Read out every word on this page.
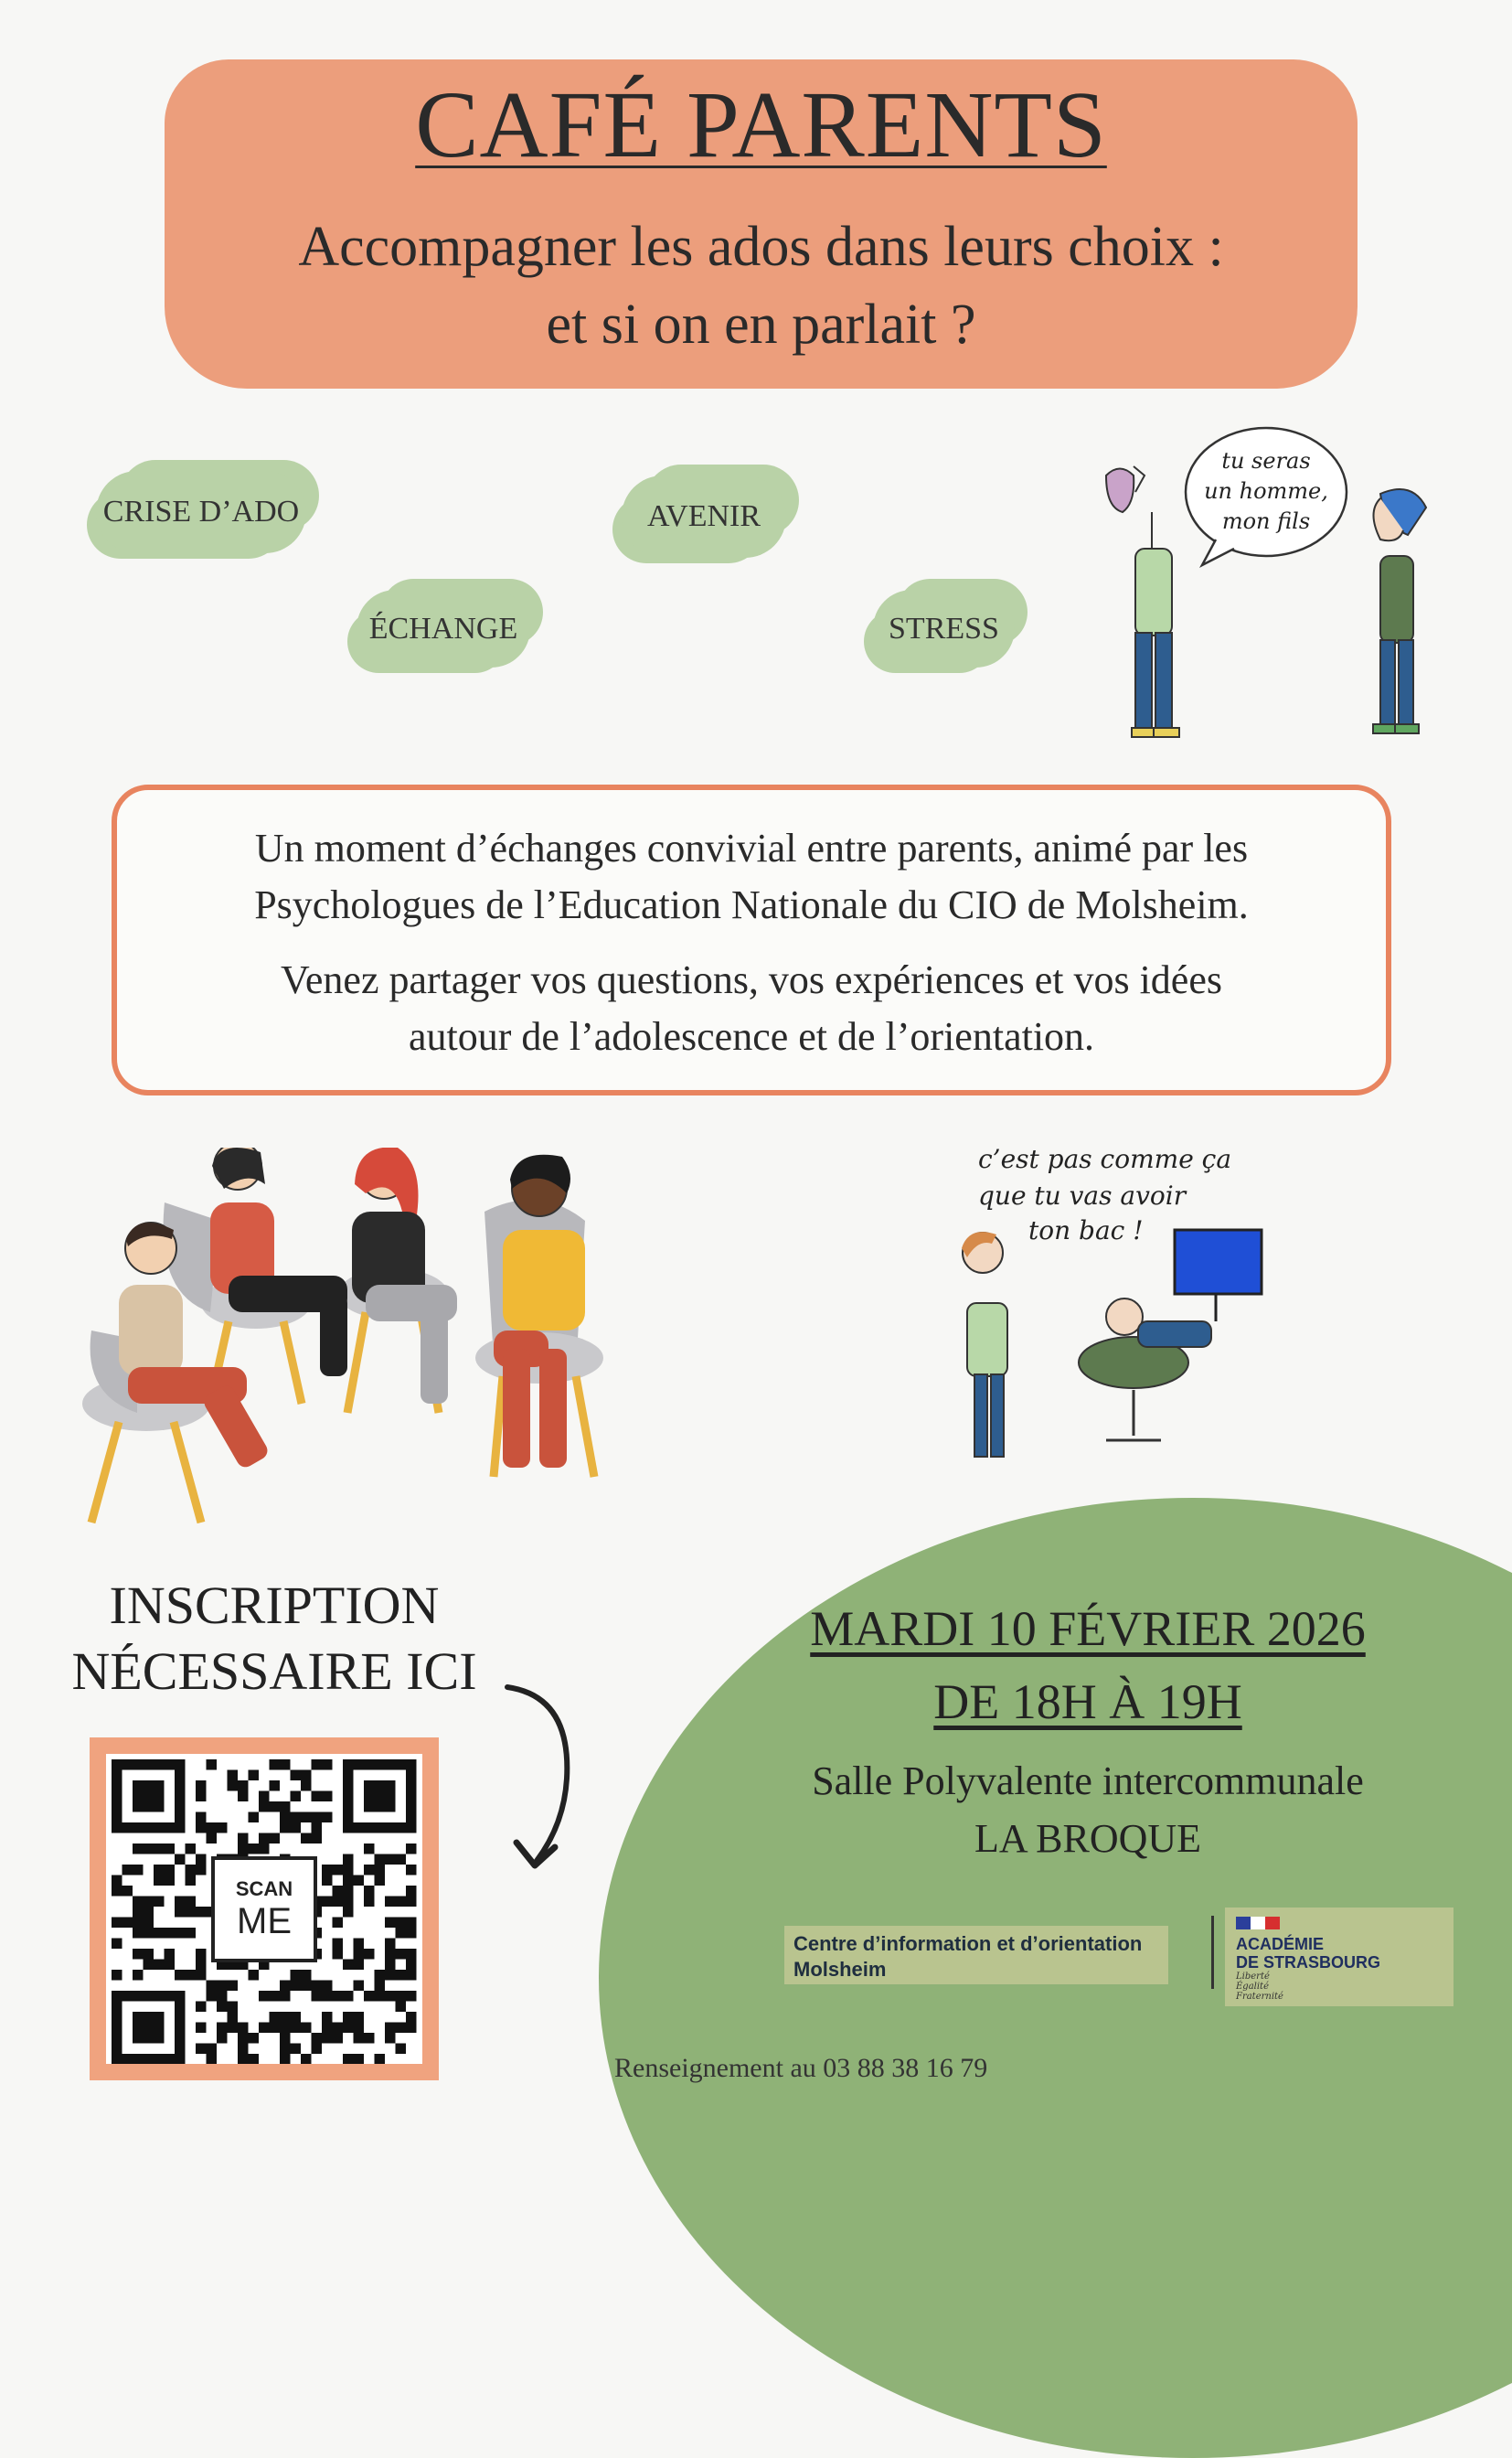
CAFÉ PARENTS
Accompagner les ados dans leurs choix :
et si on en parlait ?
CRISE D’ADO	AVENIR
ÉCHANGE	STRESS
tu seras
un homme,
mon fils
Un moment d’échanges convivial entre parents, animé par les
Psychologues de l’Education Nationale du CIO de Molsheim.
Venez partager vos questions, vos expériences et vos idées
autour de l’adolescence et de l’orientation.
c’est pas comme ça
que tu vas avoir
ton bac !
MARDI 10 FÉVRIER 2026
DE 18H À 19H
Salle Polyvalente intercommunale
LA BROQUE
INSCRIPTION
NÉCESSAIRE ICI
SCAN
ME
Centre d’information et d’orientation
Molsheim
ACADÉMIE
DE STRASBOURG
Liberté
Égalité
Fraternité
Renseignement au 03 88 38 16 79
